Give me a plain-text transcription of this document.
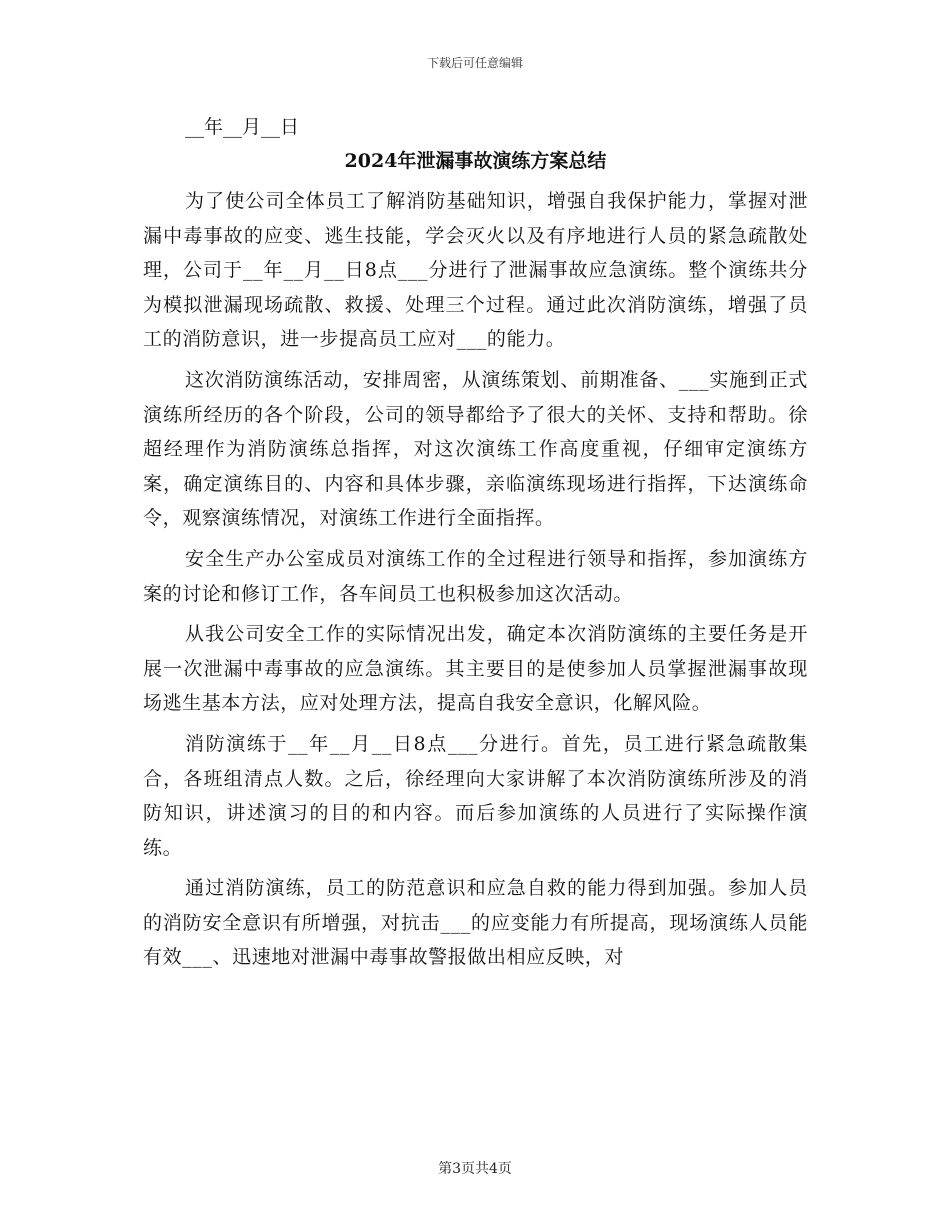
下载后可任意编辑

__年__月__日

2024年泄漏事故演练方案总结

为了使公司全体员工了解消防基础知识，增强自我保护能力，掌握对泄漏中毒事故的应变、逃生技能，学会灭火以及有序地进行人员的紧急疏散处理，公司于__年__月__日8点___分进行了泄漏事故应急演练。整个演练共分为模拟泄漏现场疏散、救援、处理三个过程。通过此次消防演练，增强了员工的消防意识，进一步提高员工应对___的能力。

这次消防演练活动，安排周密，从演练策划、前期准备、___实施到正式演练所经历的各个阶段，公司的领导都给予了很大的关怀、支持和帮助。徐超经理作为消防演练总指挥，对这次演练工作高度重视，仔细审定演练方案，确定演练目的、内容和具体步骤，亲临演练现场进行指挥，下达演练命令，观察演练情况，对演练工作进行全面指挥。

安全生产办公室成员对演练工作的全过程进行领导和指挥，参加演练方案的讨论和修订工作，各车间员工也积极参加这次活动。

从我公司安全工作的实际情况出发，确定本次消防演练的主要任务是开展一次泄漏中毒事故的应急演练。其主要目的是使参加人员掌握泄漏事故现场逃生基本方法，应对处理方法，提高自我安全意识，化解风险。

消防演练于__年__月__日8点___分进行。首先，员工进行紧急疏散集合，各班组清点人数。之后，徐经理向大家讲解了本次消防演练所涉及的消防知识，讲述演习的目的和内容。而后参加演练的人员进行了实际操作演练。

通过消防演练，员工的防范意识和应急自救的能力得到加强。参加人员的消防安全意识有所增强，对抗击___的应变能力有所提高，现场演练人员能有效___、迅速地对泄漏中毒事故警报做出相应反映，对

第3页共4页
